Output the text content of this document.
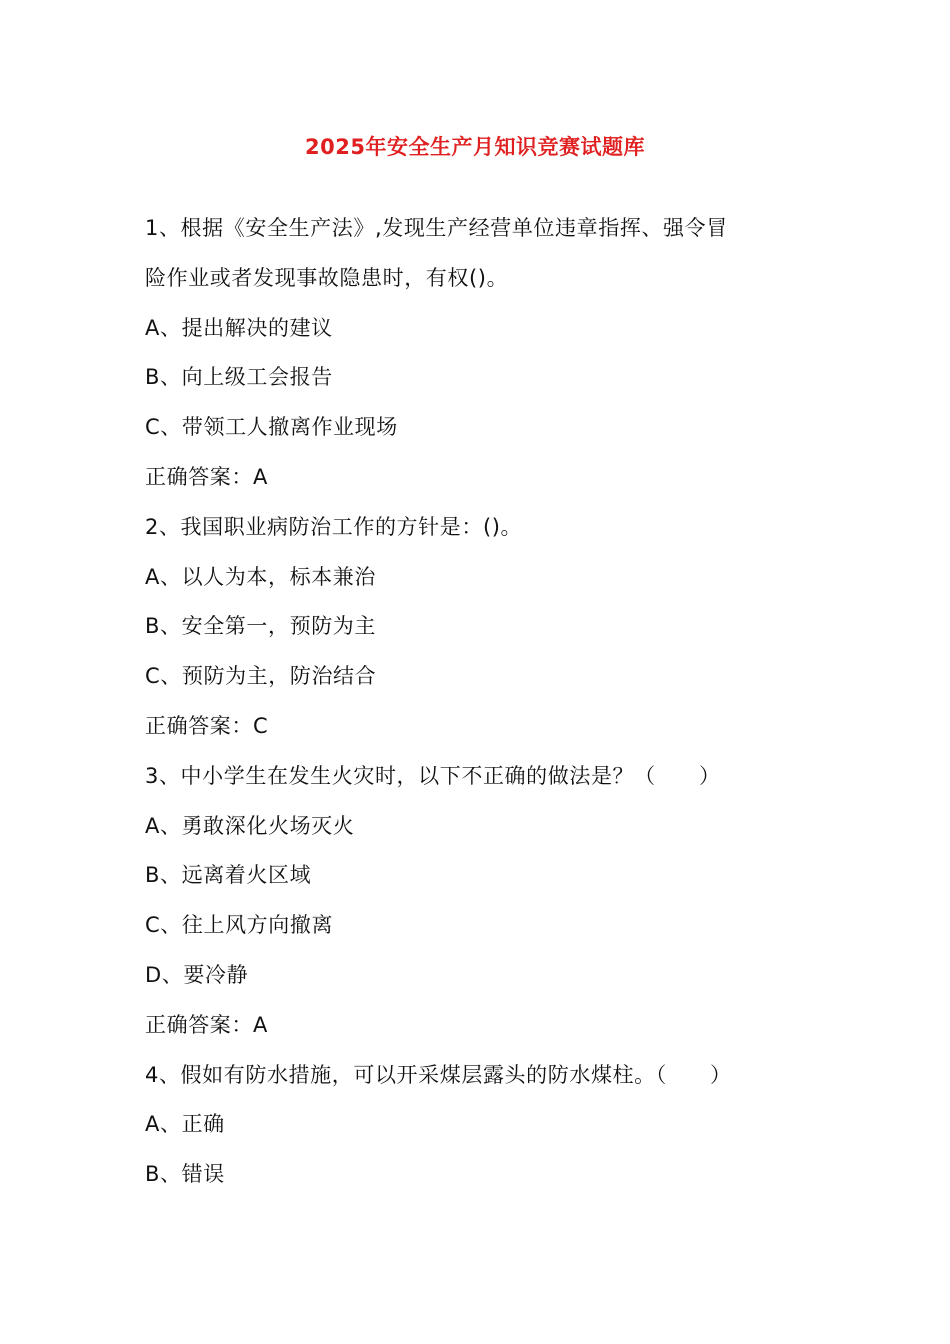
2025年安全生产月知识竞赛试题库
1、根据《安全生产法》,发现生产经营单位违章指挥、强令冒
险作业或者发现事故隐患时，有权()。
A、提出解决的建议
B、向上级工会报告
C、带领工人撤离作业现场
正确答案：A
2、我国职业病防治工作的方针是：()。
A、以人为本，标本兼治
B、安全第一，预防为主
C、预防为主，防治结合
正确答案：C
3、中小学生在发生火灾时，以下不正确的做法是？（　　）
A、勇敢深化火场灭火
B、远离着火区域
C、往上风方向撤离
D、要冷静
正确答案：A
4、假如有防水措施，可以开采煤层露头的防水煤柱。（　　）
A、正确
B、错误
